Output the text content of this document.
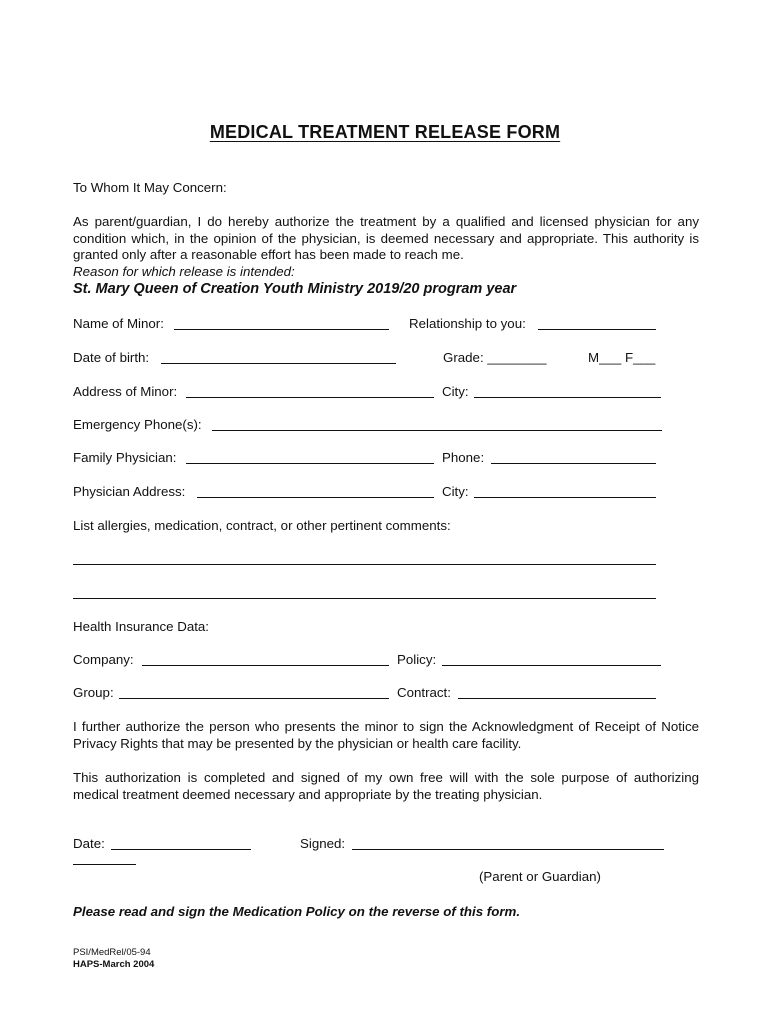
MEDICAL TREATMENT RELEASE FORM
To Whom It May Concern:
As parent/guardian, I do hereby authorize the treatment by a qualified and licensed physician for any condition which, in the opinion of the physician, is deemed necessary and appropriate. This authority is granted only after a reasonable effort has been made to reach me.
Reason for which release is intended:
St. Mary Queen of Creation Youth Ministry 2019/20 program year
Name of Minor:	Relationship to you:
Date of birth:	Grade: ________	M___ F___
Address of Minor:	City:
Emergency Phone(s):
Family Physician:	Phone:
Physician Address:	City:
List allergies, medication, contract, or other pertinent comments:
Health Insurance Data:
Company:	Policy:
Group:	Contract:
I further authorize the person who presents the minor to sign the Acknowledgment of Receipt of Notice Privacy Rights that may be presented by the physician or health care facility.
This authorization is completed and signed of my own free will with the sole purpose of authorizing medical treatment deemed necessary and appropriate by the treating physician.
Date:	Signed:
(Parent or Guardian)
Please read and sign the Medication Policy on the reverse of this form.
PSI/MedRel/05-94
HAPS-March 2004
